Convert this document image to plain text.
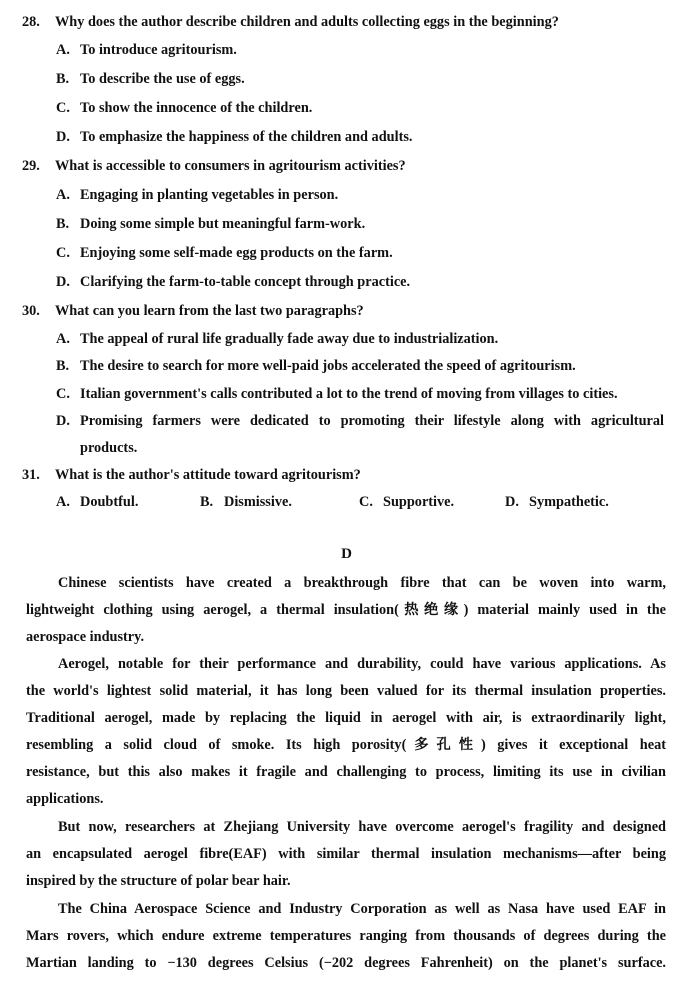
28. Why does the author describe children and adults collecting eggs in the beginning?
A. To introduce agritourism.
B. To describe the use of eggs.
C. To show the innocence of the children.
D. To emphasize the happiness of the children and adults.
29. What is accessible to consumers in agritourism activities?
A. Engaging in planting vegetables in person.
B. Doing some simple but meaningful farm-work.
C. Enjoying some self-made egg products on the farm.
D. Clarifying the farm-to-table concept through practice.
30. What can you learn from the last two paragraphs?
A. The appeal of rural life gradually fade away due to industrialization.
B. The desire to search for more well-paid jobs accelerated the speed of agritourism.
C. Italian government's calls contributed a lot to the trend of moving from villages to cities.
D. Promising farmers were dedicated to promoting their lifestyle along with agricultural
products.
31. What is the author's attitude toward agritourism?
A. Doubtful.	B. Dismissive.	C. Supportive.	D. Sympathetic.
D
Chinese scientists have created a breakthrough fibre that can be woven into warm,
lightweight clothing using aerogel, a thermal insulation(热绝缘) material mainly used in the
aerospace industry.
Aerogel, notable for their performance and durability, could have various applications. As
the world's lightest solid material, it has long been valued for its thermal insulation properties.
Traditional aerogel, made by replacing the liquid in aerogel with air, is extraordinarily light,
resembling a solid cloud of smoke. Its high porosity(多孔性) gives it exceptional heat
resistance, but this also makes it fragile and challenging to process, limiting its use in civilian
applications.
But now, researchers at Zhejiang University have overcome aerogel's fragility and designed
an encapsulated aerogel fibre(EAF) with similar thermal insulation mechanisms—after being
inspired by the structure of polar bear hair.
The China Aerospace Science and Industry Corporation as well as Nasa have used EAF in
Mars rovers, which endure extreme temperatures ranging from thousands of degrees during the
Martian landing to −130 degrees Celsius (−202 degrees Fahrenheit) on the planet's surface.
